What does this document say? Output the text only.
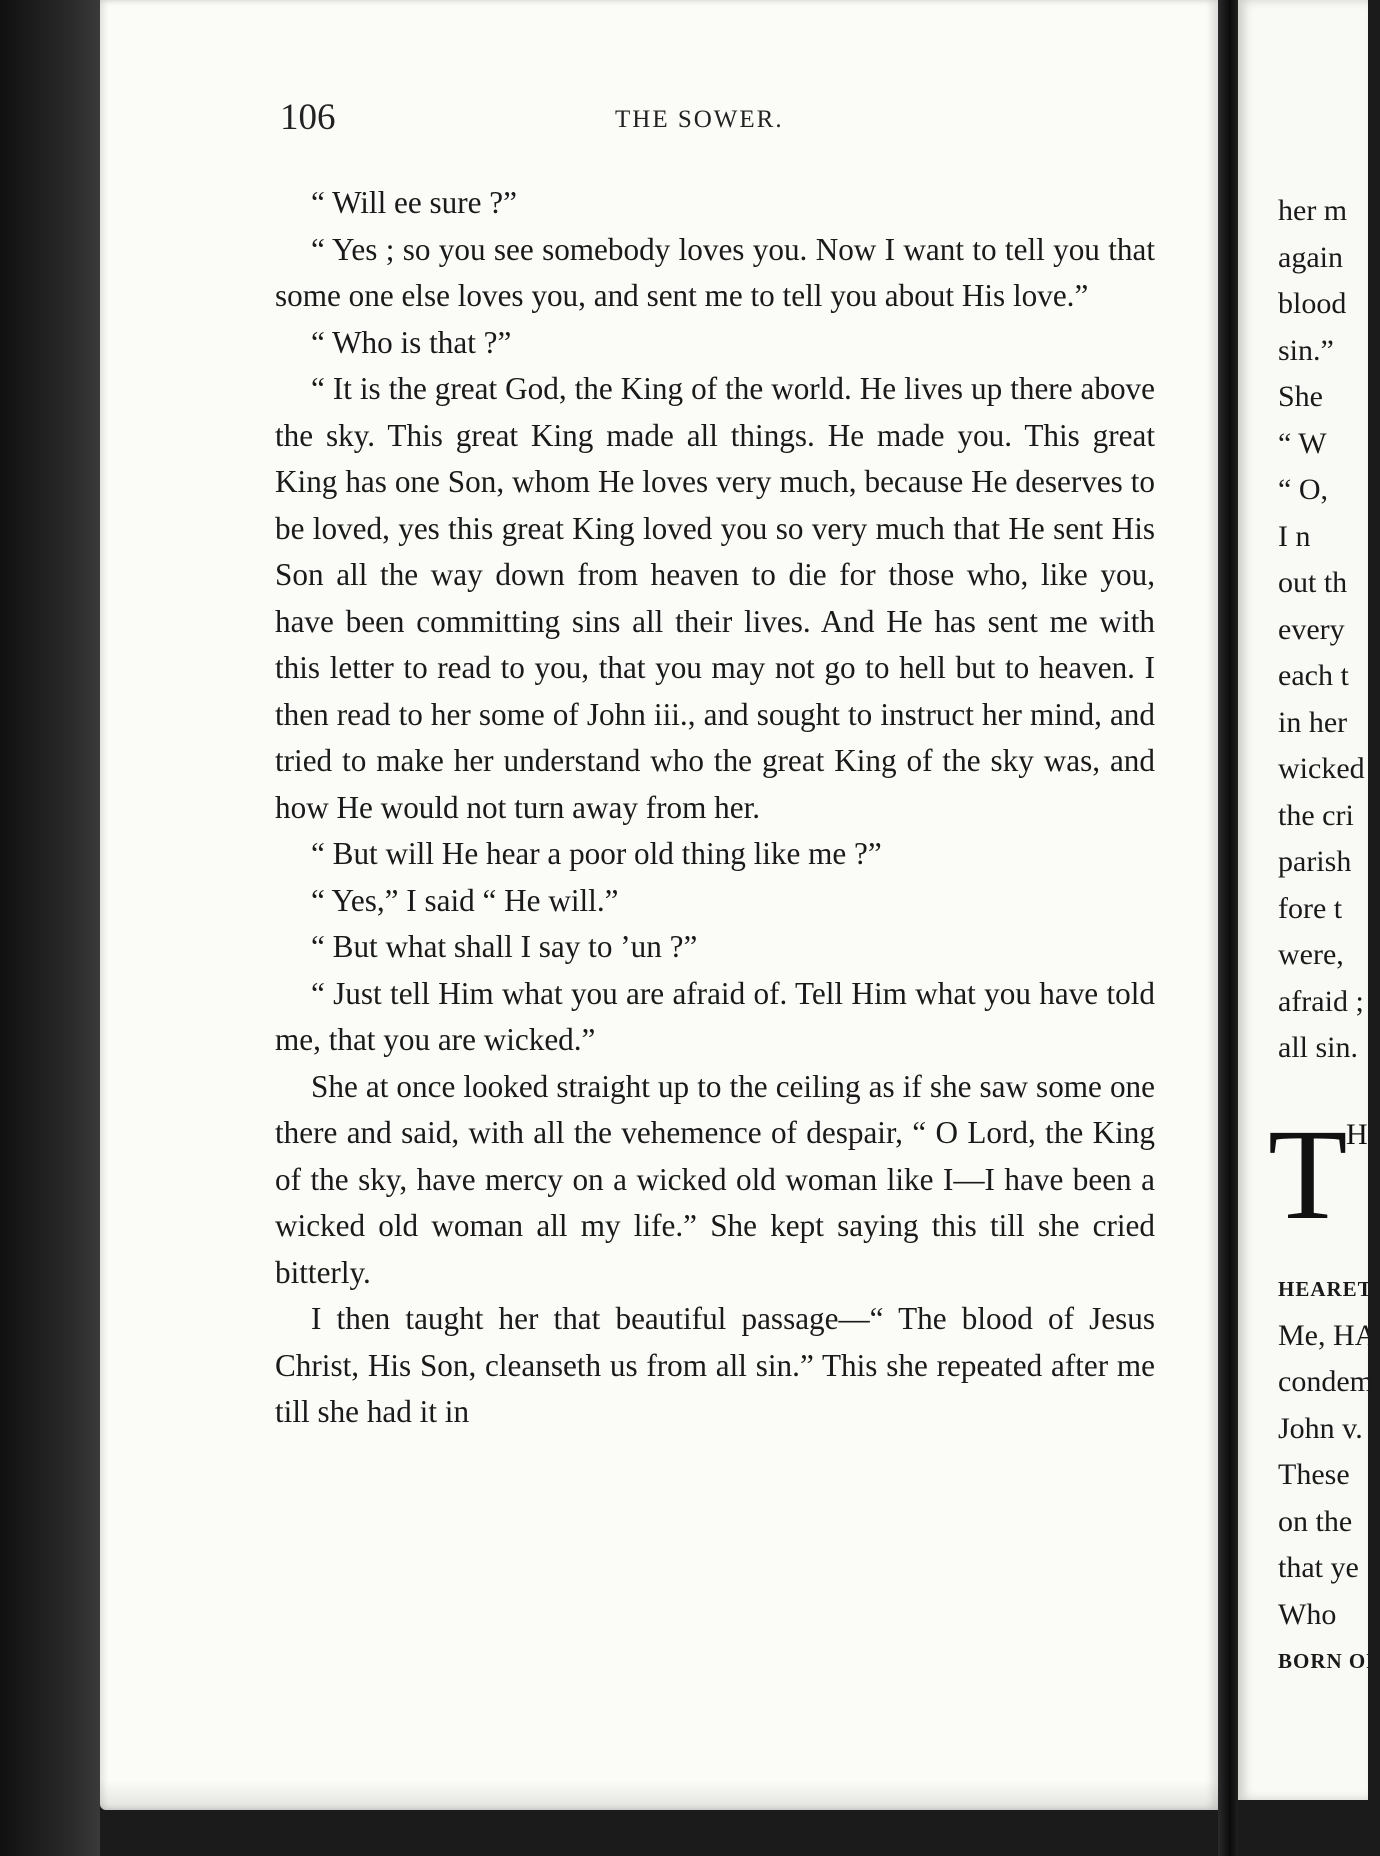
106	THE SOWER.

“ Will ee sure ?”

“ Yes ; so you see somebody loves you. Now I want to tell you that some one else loves you, and sent me to tell you about His love.”

“ Who is that ?”

“ It is the great God, the King of the world. He lives up there above the sky. This great King made all things. He made you. This great King has one Son, whom He loves very much, because He deserves to be loved, yes this great King loved you so very much that He sent His Son all the way down from heaven to die for those who, like you, have been committing sins all their lives. And He has sent me with this letter to read to you, that you may not go to hell but to heaven. I then read to her some of John iii., and sought to instruct her mind, and tried to make her understand who the great King of the sky was, and how He would not turn away from her.

“ But will He hear a poor old thing like me ?”

“ Yes,” I said “ He will.”

“ But what shall I say to ’un ?”

“ Just tell Him what you are afraid of. Tell Him what you have told me, that you are wicked.”

She at once looked straight up to the ceiling as if she saw some one there and said, with all the vehemence of despair, “ O Lord, the King of the sky, have mercy on a wicked old woman like I—I have been a wicked old woman all my life.” She kept saying this till she cried bitterly.

I then taught her that beautiful passage—“ The blood of Jesus Christ, His Son, cleanseth us from all sin.” This she repeated after me till she had it in

her m
again
blood
sin.”
She
“ W
“ O,
I n
out th
every
each t
in her
wicked
the cri
parish
fore t
were,
afraid ;
all sin.
T
H
HEARET
Me, HA
condem
John v.
These
on the
that ye
Who
BORN OF
